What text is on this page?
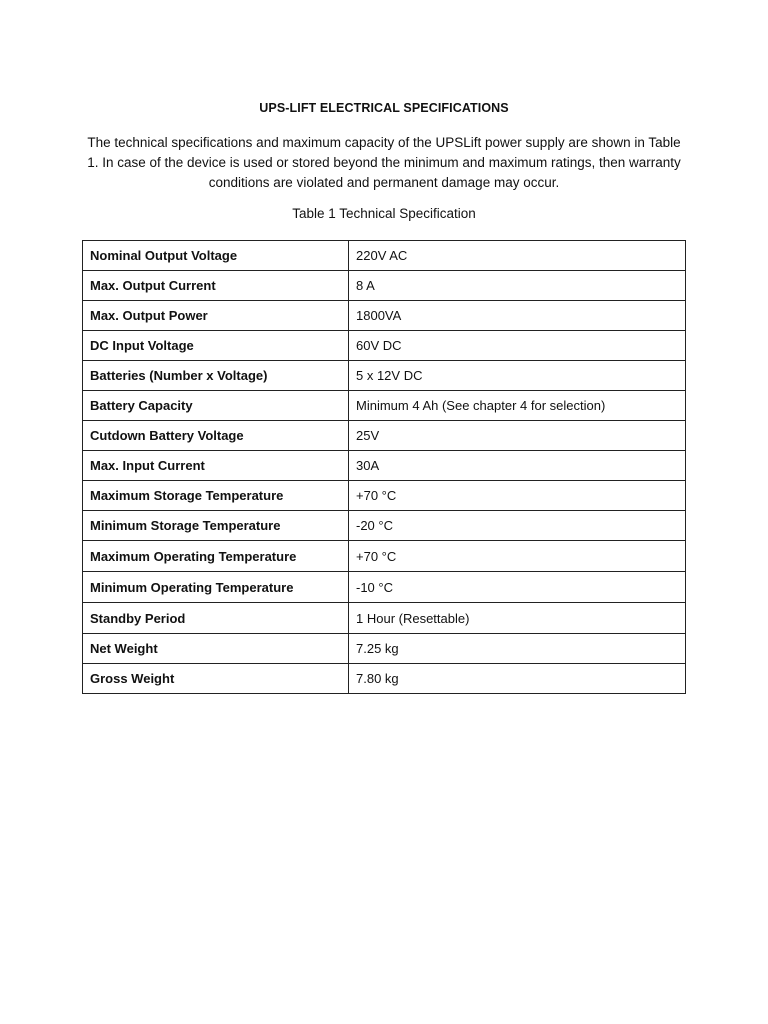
UPS-LIFT ELECTRICAL SPECIFICATIONS
The technical specifications and maximum capacity of the UPSLift power supply are shown in Table 1. In case of the device is used or stored beyond the minimum and maximum ratings, then warranty conditions are violated and permanent damage may occur.
Table 1 Technical Specification
Nominal Output Voltage	220V AC
Max. Output Current	8 A
Max. Output Power	1800VA
DC Input Voltage	60V DC
Batteries (Number x Voltage)	5 x 12V DC
Battery Capacity	Minimum 4 Ah (See chapter 4 for selection)
Cutdown Battery Voltage	25V
Max. Input Current	30A
Maximum Storage Temperature	+70 °C
Minimum Storage Temperature	-20 °C
Maximum Operating Temperature	+70 °C
Minimum Operating Temperature	-10 °C
Standby Period	1 Hour (Resettable)
Net Weight	7.25 kg
Gross Weight	7.80 kg
